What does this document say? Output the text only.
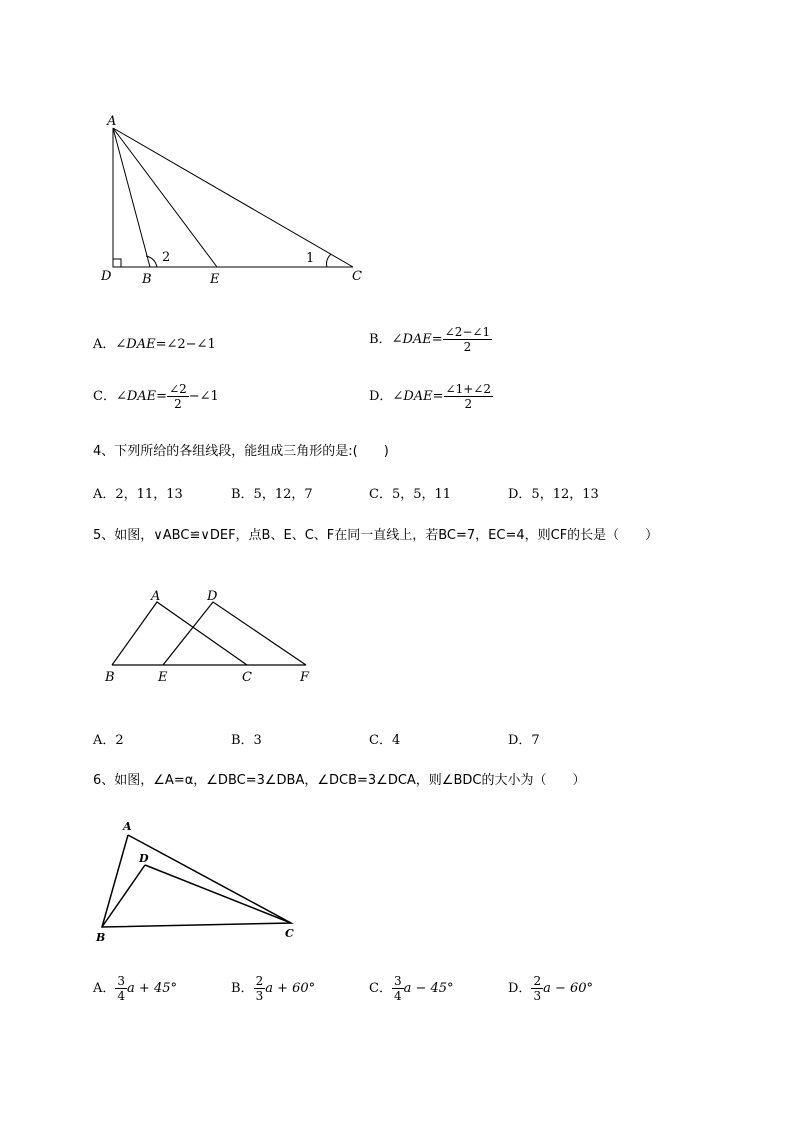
A
D B	E	C
2	1
A．∠DAE=∠2−∠1	B．∠DAE= $\frac{\angle 2-\angle 1}{2}$
C．∠DAE= $\frac{\angle 2}{2}$ −∠1	D．∠DAE= $\frac{\angle 1+\angle 2}{2}$
4、下列所给的各组线段，能组成三角形的是:(　　)
A．2，11，13	B．5，12，7	C．5，5，11	D．5，12，13
5、如图，∨ABC≌∨DEF，点B、E、C、F在同一直线上，若BC=7，EC=4，则CF的长是（　　）
A	D
B	E	C	F
A．2	B．3	C．4	D．7
6、如图，∠A=α，∠DBC=3∠DBA，∠DCB=3∠DCA，则∠BDC的大小为（　　）
A
D
B	C
A． $\frac{3}{4}$ a + 45°	B． $\frac{2}{3}$ a + 60°	C． $\frac{3}{4}$ a − 45°	D． $\frac{2}{3}$ a − 60°
